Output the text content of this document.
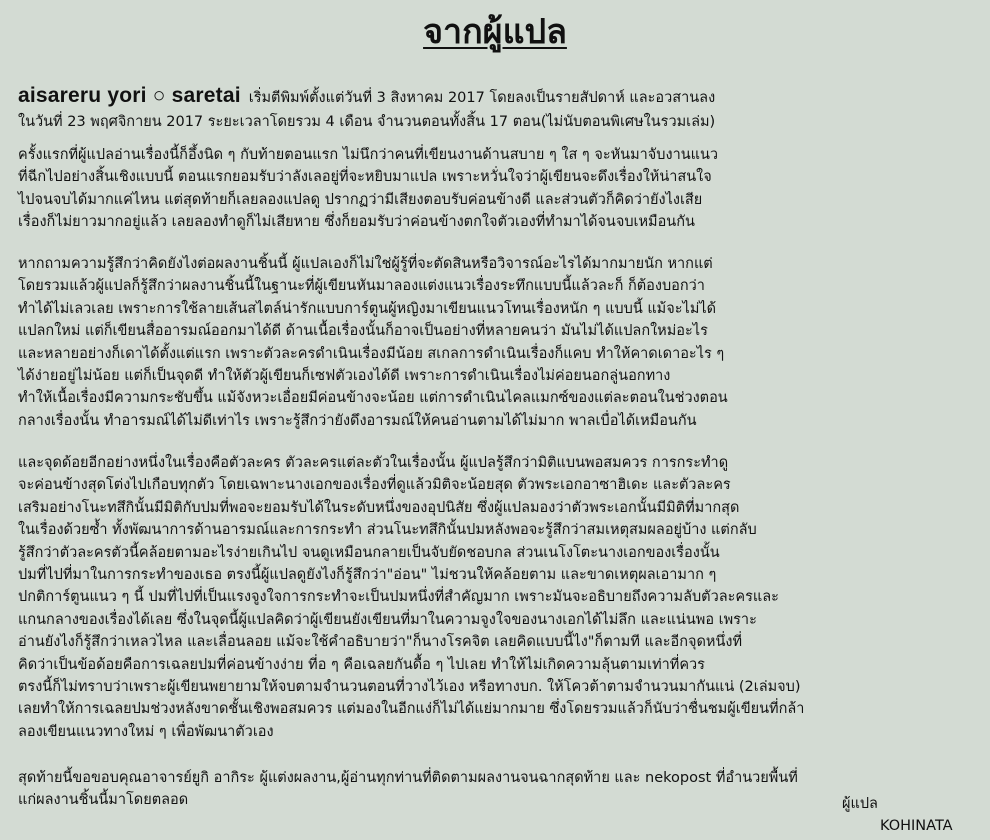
จากผู้แปล
aisareru yori ○ saretai เริ่มตีพิมพ์ตั้งแต่วันที่ 3 สิงหาคม 2017 โดยลงเป็นรายสัปดาห์ และอวสานลง
ในวันที่ 23 พฤศจิกายน 2017 ระยะเวลาโดยรวม 4 เดือน จำนวนตอนทั้งสิ้น 17 ตอน(ไม่นับตอนพิเศษในรวมเล่ม)
ครั้งแรกที่ผู้แปลอ่านเรื่องนี้ก็อึ้งนิด ๆ กับท้ายตอนแรก ไม่นึกว่าคนที่เขียนงานด้านสบาย ๆ ใส ๆ จะหันมาจับงานแนว
ที่ฉีกไปอย่างสิ้นเชิงแบบนี้ ตอนแรกยอมรับว่าลังเลอยู่ที่จะหยิบมาแปล เพราะหวั่นใจว่าผู้เขียนจะดึงเรื่องให้น่าสนใจ
ไปจนจบได้มากแค่ไหน แต่สุดท้ายก็เลยลองแปลดู ปรากฏว่ามีเสียงตอบรับค่อนข้างดี และส่วนตัวก็คิดว่ายังไงเสีย
เรื่องก็ไม่ยาวมากอยู่แล้ว เลยลองทำดูก็ไม่เสียหาย ซึ่งก็ยอมรับว่าค่อนข้างตกใจตัวเองที่ทำมาได้จนจบเหมือนกัน
หากถามความรู้สึกว่าคิดยังไงต่อผลงานชิ้นนี้ ผู้แปลเองก็ไม่ใช่ผู้รู้ที่จะตัดสินหรือวิจารณ์อะไรได้มากมายนัก หากแต่
โดยรวมแล้วผู้แปลก็รู้สึกว่าผลงานชิ้นนี้ในฐานะที่ผู้เขียนหันมาลองแต่งแนวเรื่องระทึกแบบนี้แล้วละก็ ก็ต้องบอกว่า
ทำได้ไม่เลวเลย เพราะการใช้ลายเส้นสไตล์น่ารักแบบการ์ตูนผู้หญิงมาเขียนแนวโทนเรื่องหนัก ๆ แบบนี้ แม้จะไม่ได้
แปลกใหม่ แต่ก็เขียนสื่ออารมณ์ออกมาได้ดี ด้านเนื้อเรื่องนั้นก็อาจเป็นอย่างที่หลายคนว่า มันไม่ได้แปลกใหม่อะไร
และหลายอย่างก็เดาได้ตั้งแต่แรก เพราะตัวละครดำเนินเรื่องมีน้อย สเกลการดำเนินเรื่องก็แคบ ทำให้คาดเดาอะไร ๆ
ได้ง่ายอยู่ไม่น้อย แต่ก็เป็นจุดดี ทำให้ตัวผู้เขียนก็เซฟตัวเองได้ดี เพราะการดำเนินเรื่องไม่ค่อยนอกลู่นอกทาง
ทำให้เนื้อเรื่องมีความกระชับขึ้น แม้จังหวะเอื่อยมีค่อนข้างจะน้อย แต่การดำเนินไคลแมกซ์ของแต่ละตอนในช่วงตอน
กลางเรื่องนั้น ทำอารมณ์ได้ไม่ดีเท่าไร เพราะรู้สึกว่ายังดึงอารมณ์ให้คนอ่านตามได้ไม่มาก พาลเบื่อได้เหมือนกัน
และจุดด้อยอีกอย่างหนึ่งในเรื่องคือตัวละคร ตัวละครแต่ละตัวในเรื่องนั้น ผู้แปลรู้สึกว่ามิติแบนพอสมควร การกระทำดู
จะค่อนข้างสุดโต่งไปเกือบทุกตัว โดยเฉพาะนางเอกของเรื่องที่ดูแล้วมิติจะน้อยสุด ตัวพระเอกอาซาฮิเดะ และตัวละคร
เสริมอย่างโนะทสึกินั้นมีมิติกับปมที่พอจะยอมรับได้ในระดับหนึ่งของอุปนิสัย ซึ่งผู้แปลมองว่าตัวพระเอกนั้นมีมิติที่มากสุด
ในเรื่องด้วยซ้ำ ทั้งพัฒนาการด้านอารมณ์และการกระทำ ส่วนโนะทสึกินั้นปมหลังพอจะรู้สึกว่าสมเหตุสมผลอยู่บ้าง แต่กลับ
รู้สึกว่าตัวละครตัวนี้คล้อยตามอะไรง่ายเกินไป จนดูเหมือนกลายเป็นจับยัดชอบกล ส่วนเนโงโตะนางเอกของเรื่องนั้น
ปมที่ไปที่มาในการกระทำของเธอ ตรงนี้ผู้แปลดูยังไงก็รู้สึกว่า"อ่อน" ไม่ชวนให้คล้อยตาม และขาดเหตุผลเอามาก ๆ
ปกติการ์ตูนแนว ๆ นี้ ปมที่ไปที่เป็นแรงจูงใจการกระทำจะเป็นปมหนึ่งที่สำคัญมาก เพราะมันจะอธิบายถึงความลับตัวละครและ
แกนกลางของเรื่องได้เลย ซึ่งในจุดนี้ผู้แปลคิดว่าผู้เขียนยังเขียนที่มาในความจูงใจของนางเอกได้ไม่ลึก และแน่นพอ เพราะ
อ่านยังไงก็รู้สึกว่าเหลวไหล และเลื่อนลอย แม้จะใช้คำอธิบายว่า"ก็นางโรคจิต เลยคิดแบบนี้ไง"ก็ตามที และอีกจุดหนึ่งที่
คิดว่าเป็นข้อด้อยคือการเฉลยปมที่ค่อนข้างง่าย ที่อ ๆ คือเฉลยกันดื้อ ๆ ไปเลย ทำให้ไม่เกิดความลุ้นตามเท่าที่ควร
ตรงนี้ก็ไม่ทราบว่าเพราะผู้เขียนพยายามให้จบตามจำนวนตอนที่วางไว้เอง หรือทางบก. ให้โควต้าตามจำนวนมากันแน่ (2เล่มจบ)
เลยทำให้การเฉลยปมช่วงหลังขาดชั้นเชิงพอสมควร แต่มองในอีกแง่ก็ไม่ได้แย่มากมาย ซึ่งโดยรวมแล้วก็นับว่าชื่นชมผู้เขียนที่กล้า
ลองเขียนแนวทางใหม่ ๆ เพื่อพัฒนาตัวเอง
สุดท้ายนี้ขอขอบคุณอาจารย์ยูกิ อากิระ ผู้แต่งผลงาน,ผู้อ่านทุกท่านที่ติดตามผลงานจนฉากสุดท้าย และ nekopost ที่อำนวยพื้นที่
แก่ผลงานชิ้นนี้มาโดยตลอด	ผู้แปล
KOHINATA
